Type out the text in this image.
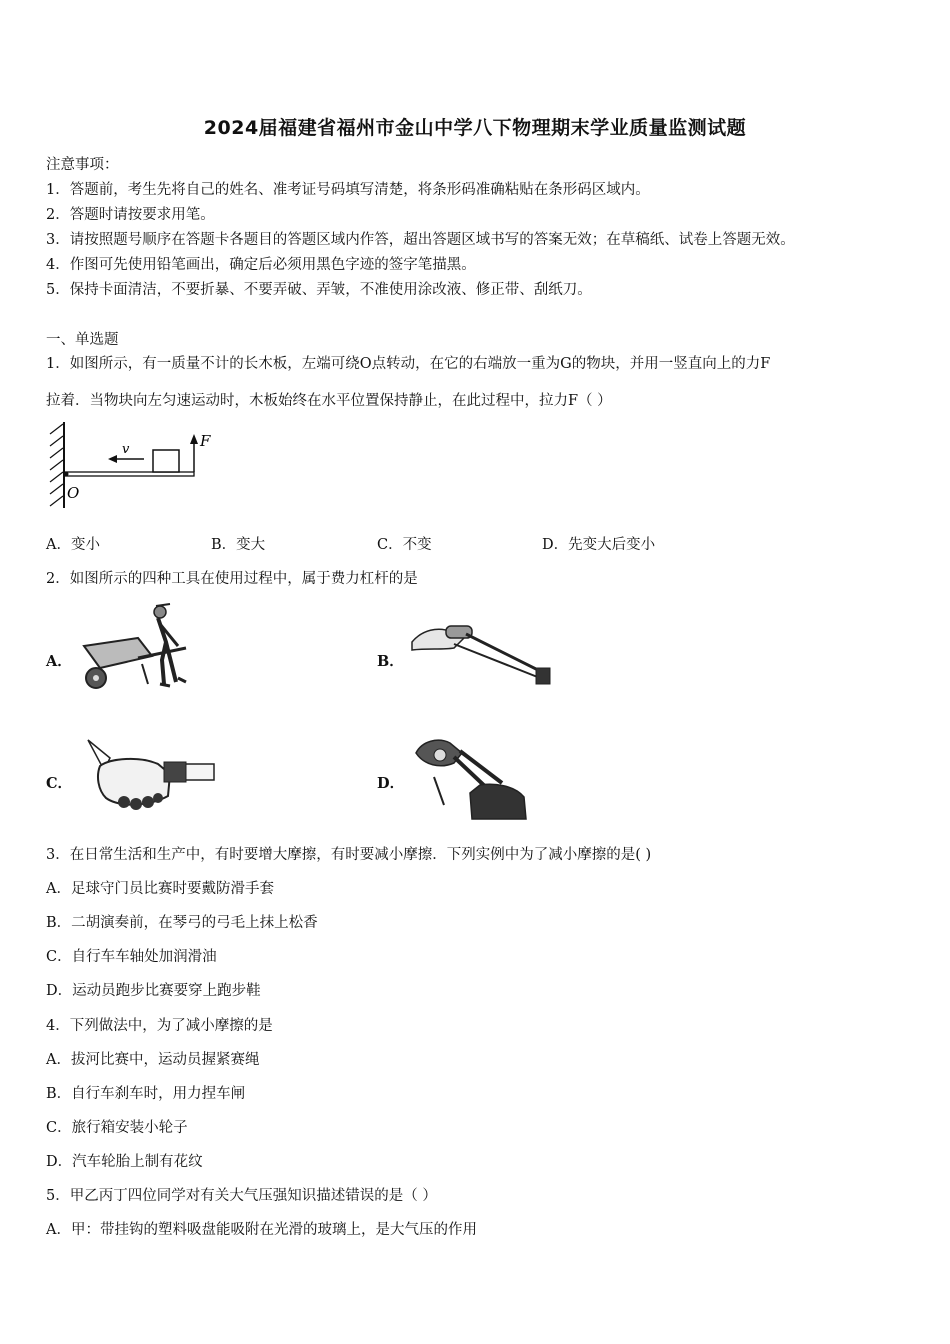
2024届福建省福州市金山中学八下物理期末学业质量监测试题
注意事项：
1．答题前，考生先将自己的姓名、准考证号码填写清楚，将条形码准确粘贴在条形码区域内。
2．答题时请按要求用笔。
3．请按照题号顺序在答题卡各题目的答题区域内作答，超出答题区域书写的答案无效；在草稿纸、试卷上答题无效。
4．作图可先使用铅笔画出，确定后必须用黑色字迹的签字笔描黑。
5．保持卡面清洁，不要折暴、不要弄破、弄皱，不准使用涂改液、修正带、刮纸刀。
一、单选题
1．如图所示，有一质量不计的长木板，左端可绕O点转动，在它的右端放一重为G的物块，并用一竖直向上的力F
拉着．当物块向左匀速运动时，木板始终在水平位置保持静止，在此过程中，拉力F（ ）
v	F
O
A．变小	B．变大	C．不变	D．先变大后变小
2．如图所示的四种工具在使用过程中，属于费力杠杆的是
A．	B．
C．	D．
3．在日常生活和生产中，有时要增大摩擦，有时要减小摩擦．下列实例中为了减小摩擦的是( )
A．足球守门员比赛时要戴防滑手套
B．二胡演奏前，在琴弓的弓毛上抹上松香
C．自行车车轴处加润滑油
D．运动员跑步比赛要穿上跑步鞋
4．下列做法中，为了减小摩擦的是
A．拔河比赛中，运动员握紧赛绳
B．自行车刹车时，用力捏车闸
C．旅行箱安装小轮子
D．汽车轮胎上制有花纹
5．甲乙丙丁四位同学对有关大气压强知识描述错误的是（ ）
A．甲：带挂钩的塑料吸盘能吸附在光滑的玻璃上，是大气压的作用
